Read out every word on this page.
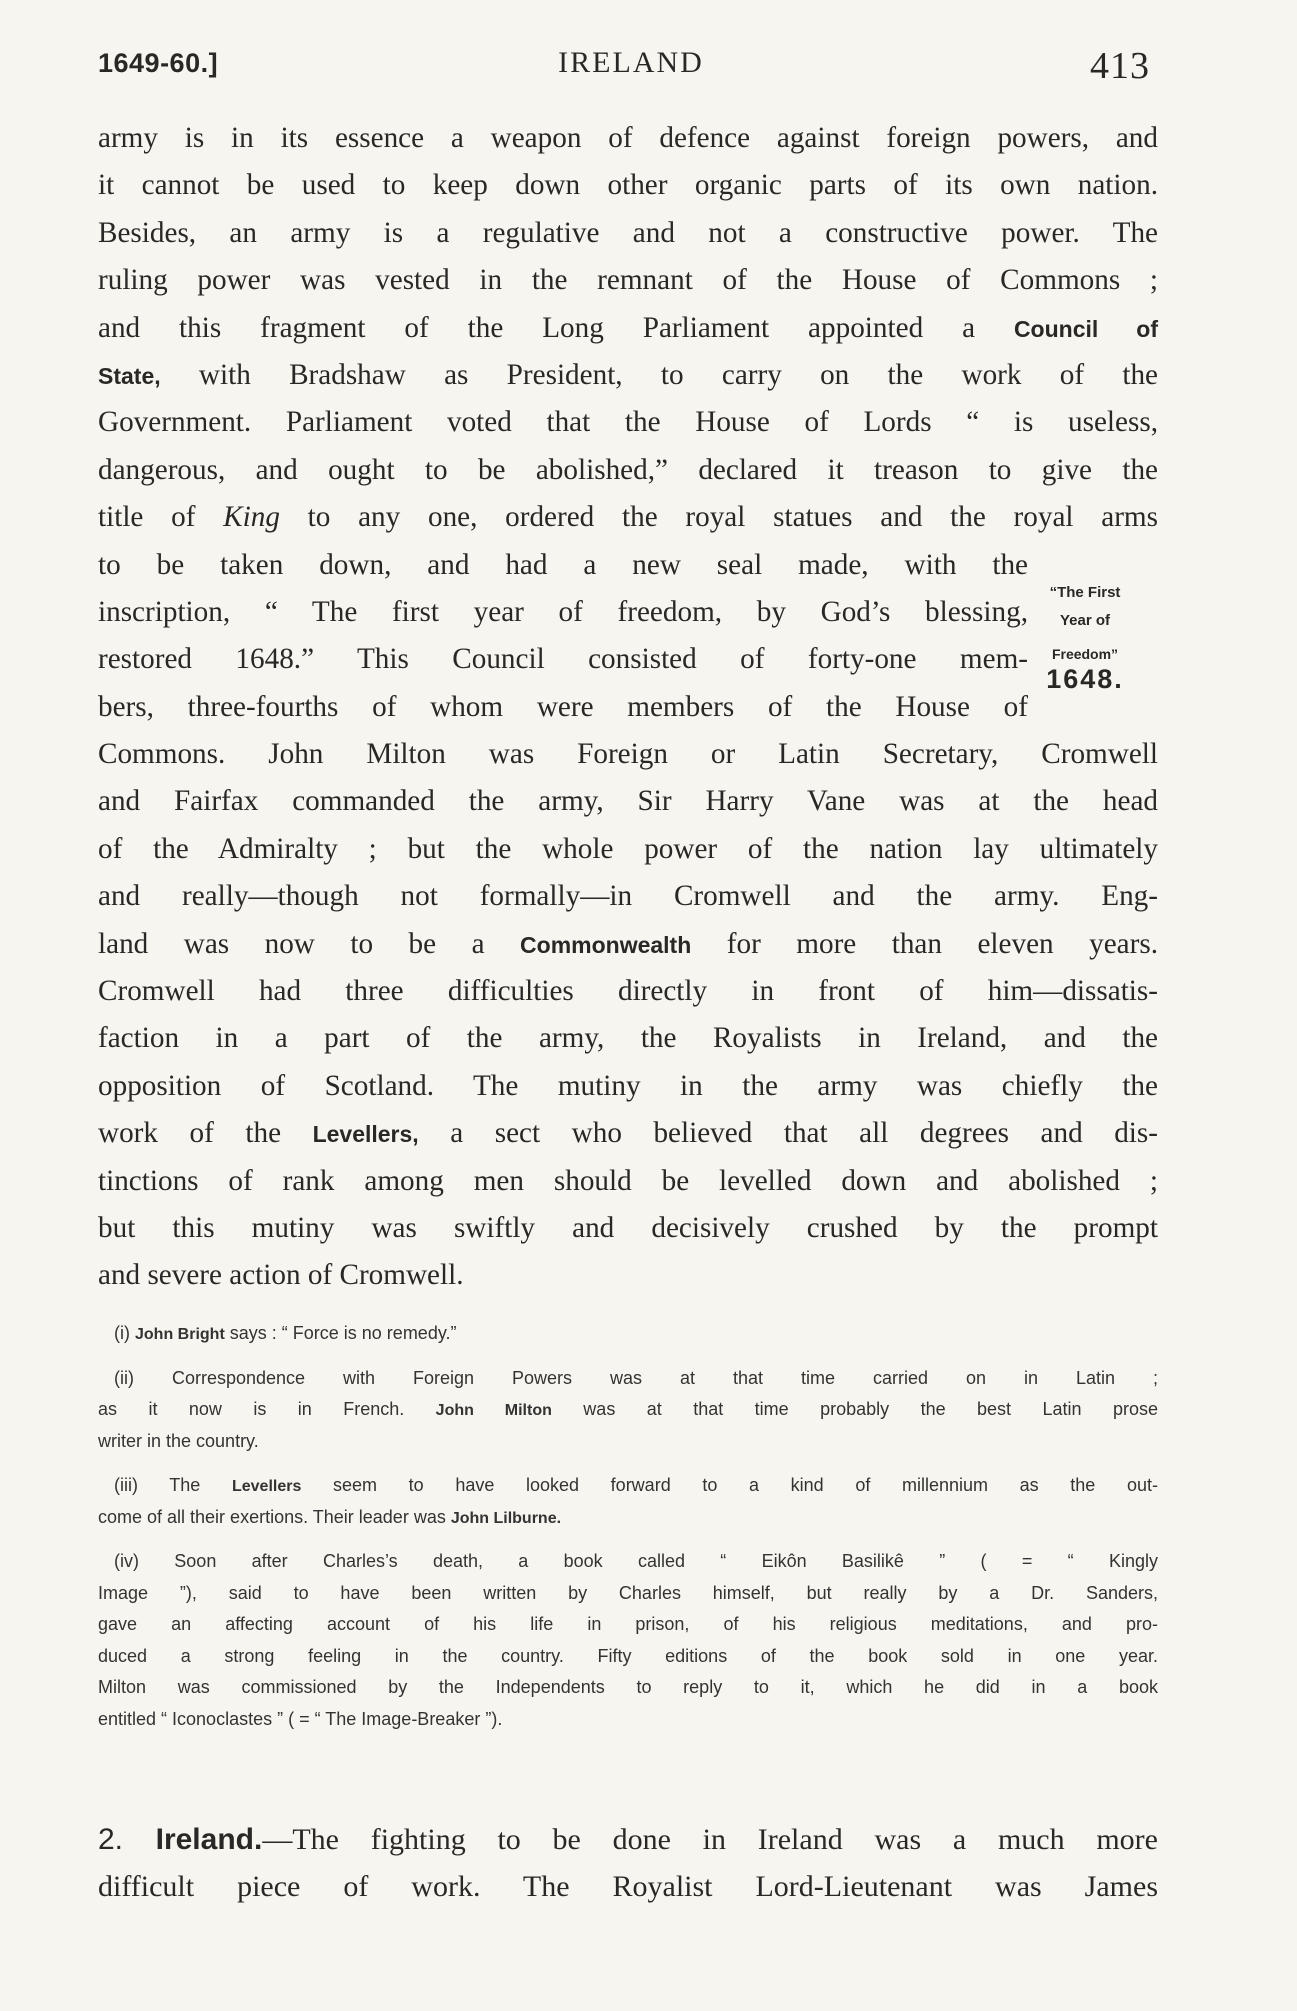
1649-60.]	IRELAND	413
army is in its essence a weapon of defence against foreign powers, and
it cannot be used to keep down other organic parts of its own nation.
Besides, an army is a regulative and not a constructive power. The
ruling power was vested in the remnant of the House of Commons ;
and this fragment of the Long Parliament appointed a Council of
State, with Bradshaw as President, to carry on the work of the
Government. Parliament voted that the House of Lords “ is useless,
dangerous, and ought to be abolished,” declared it treason to give the
title of King to any one, ordered the royal statues and the royal arms
to be taken down, and had a new seal made, with the
inscription, “ The first year of freedom, by God’s blessing,
restored 1648.” This Council consisted of forty-one mem-
bers, three-fourths of whom were members of the House of
Commons. John Milton was Foreign or Latin Secretary, Cromwell
and Fairfax commanded the army, Sir Harry Vane was at the head
of the Admiralty ; but the whole power of the nation lay ultimately
and really—though not formally—in Cromwell and the army. Eng-
land was now to be a Commonwealth for more than eleven years.
Cromwell had three difficulties directly in front of him—dissatis-
faction in a part of the army, the Royalists in Ireland, and the
opposition of Scotland. The mutiny in the army was chiefly the
work of the Levellers, a sect who believed that all degrees and dis-
tinctions of rank among men should be levelled down and abolished ;
but this mutiny was swiftly and decisively crushed by the prompt
and severe action of Cromwell.
“The First
Year of
Freedom”
1648.
(i) John Bright says : “ Force is no remedy.”
(ii) Correspondence with Foreign Powers was at that time carried on in Latin ;
as it now is in French. John Milton was at that time probably the best Latin prose
writer in the country.
(iii) The Levellers seem to have looked forward to a kind of millennium as the out-
come of all their exertions. Their leader was John Lilburne.
(iv) Soon after Charles’s death, a book called “ Eikôn Basilikê ” ( = “ Kingly
Image ”), said to have been written by Charles himself, but really by a Dr. Sanders,
gave an affecting account of his life in prison, of his religious meditations, and pro-
duced a strong feeling in the country. Fifty editions of the book sold in one year.
Milton was commissioned by the Independents to reply to it, which he did in a book
entitled “ Iconoclastes ” ( = “ The Image-Breaker ”).
2. Ireland.—The fighting to be done in Ireland was a much more
difficult piece of work. The Royalist Lord-Lieutenant was James
